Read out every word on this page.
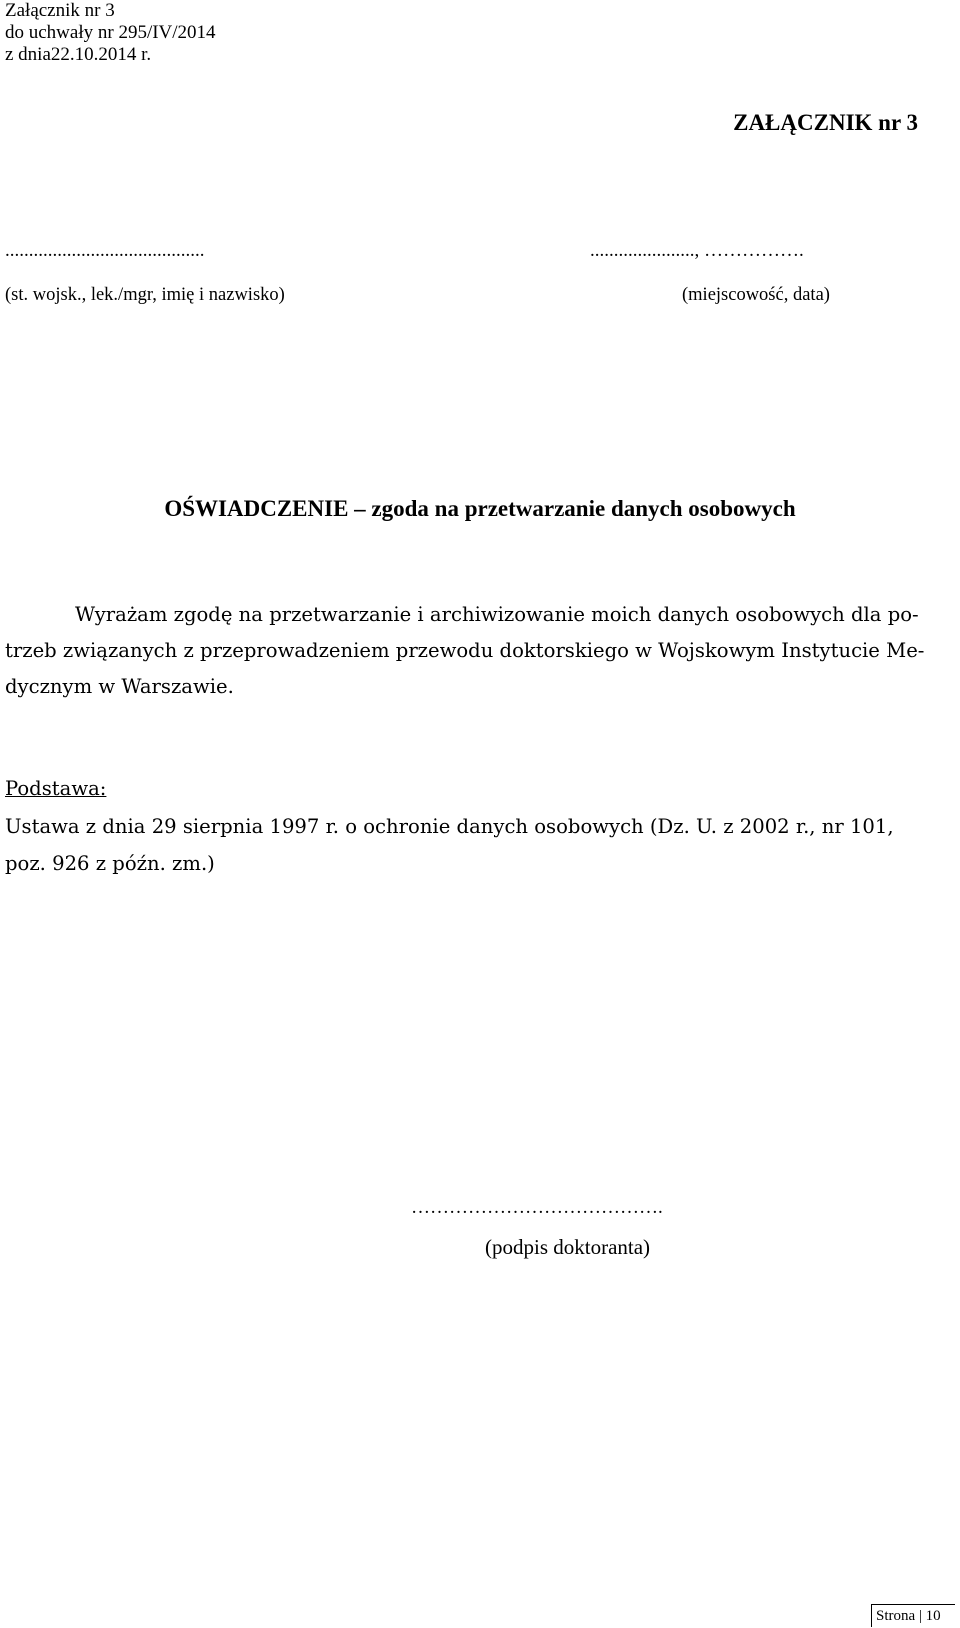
Załącznik nr 3
do uchwały nr 295/IV/2014
z dnia22.10.2014 r.
ZAŁĄCZNIK nr 3
..........................................	......................, …………….
(st. wojsk., lek./mgr, imię i nazwisko)	(miejscowość, data)
OŚWIADCZENIE – zgoda na przetwarzanie danych osobowych
Wyrażam zgodę na przetwarzanie i archiwizowanie moich danych osobowych dla po-
trzeb związanych z przeprowadzeniem przewodu doktorskiego w Wojskowym Instytucie Me-
dycznym w Warszawie.
Podstawa:
Ustawa z dnia 29 sierpnia 1997 r. o ochronie danych osobowych (Dz. U. z 2002 r., nr 101,
poz. 926 z późn. zm.)
………………………………….
(podpis doktoranta)
Strona | 10
